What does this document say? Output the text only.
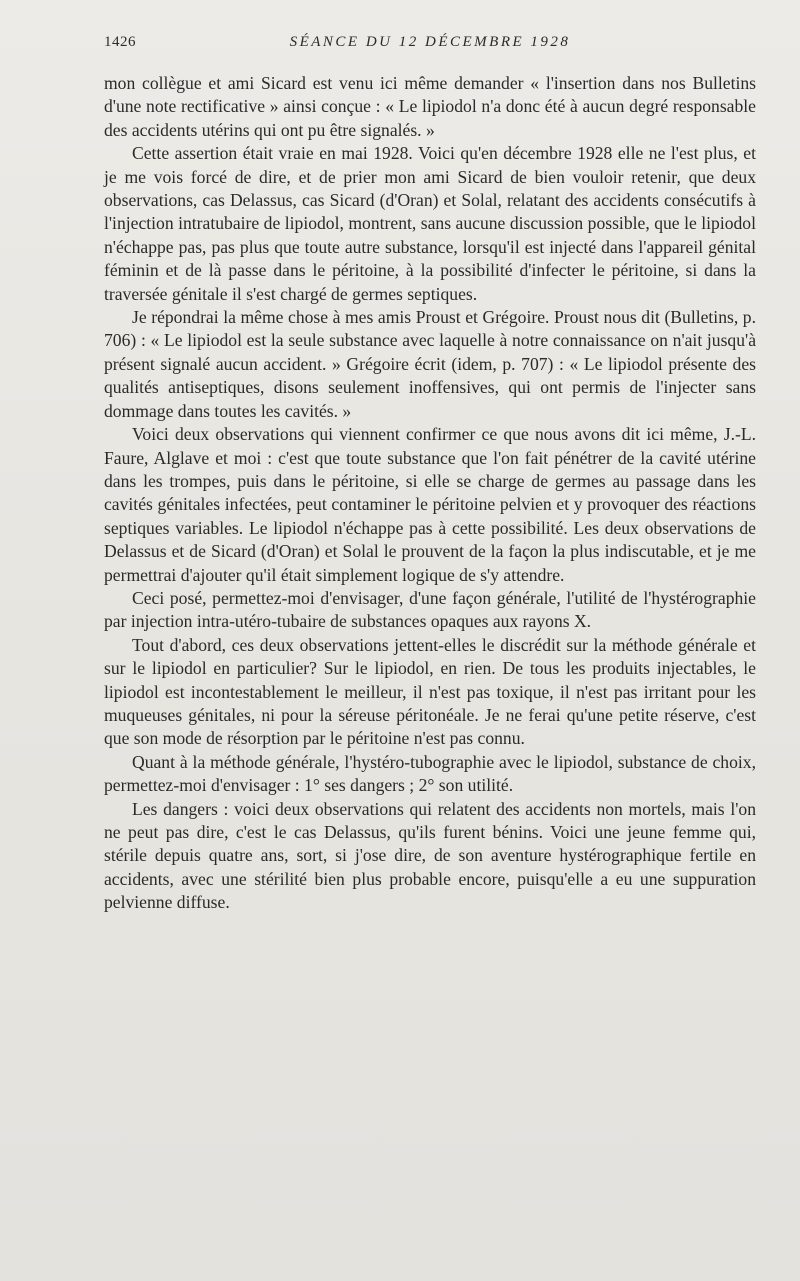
1426	SÉANCE DU 12 DÉCEMBRE 1928

mon collègue et ami Sicard est venu ici même demander « l'insertion dans nos Bulletins d'une note rectificative » ainsi conçue : « Le lipiodol n'a donc été à aucun degré responsable des accidents utérins qui ont pu être signalés. »

Cette assertion était vraie en mai 1928. Voici qu'en décembre 1928 elle ne l'est plus, et je me vois forcé de dire, et de prier mon ami Sicard de bien vouloir retenir, que deux observations, cas Delassus, cas Sicard (d'Oran) et Solal, relatant des accidents consécutifs à l'injection intratubaire de lipiodol, montrent, sans aucune discussion possible, que le lipiodol n'échappe pas, pas plus que toute autre substance, lorsqu'il est injecté dans l'appareil génital féminin et de là passe dans le péritoine, à la possibilité d'infecter le péritoine, si dans la traversée génitale il s'est chargé de germes septiques.

Je répondrai la même chose à mes amis Proust et Grégoire. Proust nous dit (Bulletins, p. 706) : « Le lipiodol est la seule substance avec laquelle à notre connaissance on n'ait jusqu'à présent signalé aucun accident. » Grégoire écrit (idem, p. 707) : « Le lipiodol présente des qualités antiseptiques, disons seulement inoffensives, qui ont permis de l'injecter sans dommage dans toutes les cavités. »

Voici deux observations qui viennent confirmer ce que nous avons dit ici même, J.-L. Faure, Alglave et moi : c'est que toute substance que l'on fait pénétrer de la cavité utérine dans les trompes, puis dans le péritoine, si elle se charge de germes au passage dans les cavités génitales infectées, peut contaminer le péritoine pelvien et y provoquer des réactions septiques variables. Le lipiodol n'échappe pas à cette possibilité. Les deux observations de Delassus et de Sicard (d'Oran) et Solal le prouvent de la façon la plus indiscutable, et je me permettrai d'ajouter qu'il était simplement logique de s'y attendre.

Ceci posé, permettez-moi d'envisager, d'une façon générale, l'utilité de l'hystérographie par injection intra-utéro-tubaire de substances opaques aux rayons X.

Tout d'abord, ces deux observations jettent-elles le discrédit sur la méthode générale et sur le lipiodol en particulier? Sur le lipiodol, en rien. De tous les produits injectables, le lipiodol est incontestablement le meilleur, il n'est pas toxique, il n'est pas irritant pour les muqueuses génitales, ni pour la séreuse péritonéale. Je ne ferai qu'une petite réserve, c'est que son mode de résorption par le péritoine n'est pas connu.

Quant à la méthode générale, l'hystéro-tubographie avec le lipiodol, substance de choix, permettez-moi d'envisager : 1° ses dangers ; 2° son utilité.

Les dangers : voici deux observations qui relatent des accidents non mortels, mais l'on ne peut pas dire, c'est le cas Delassus, qu'ils furent bénins. Voici une jeune femme qui, stérile depuis quatre ans, sort, si j'ose dire, de son aventure hystérographique fertile en accidents, avec une stérilité bien plus probable encore, puisqu'elle a eu une suppuration pelvienne diffuse.
